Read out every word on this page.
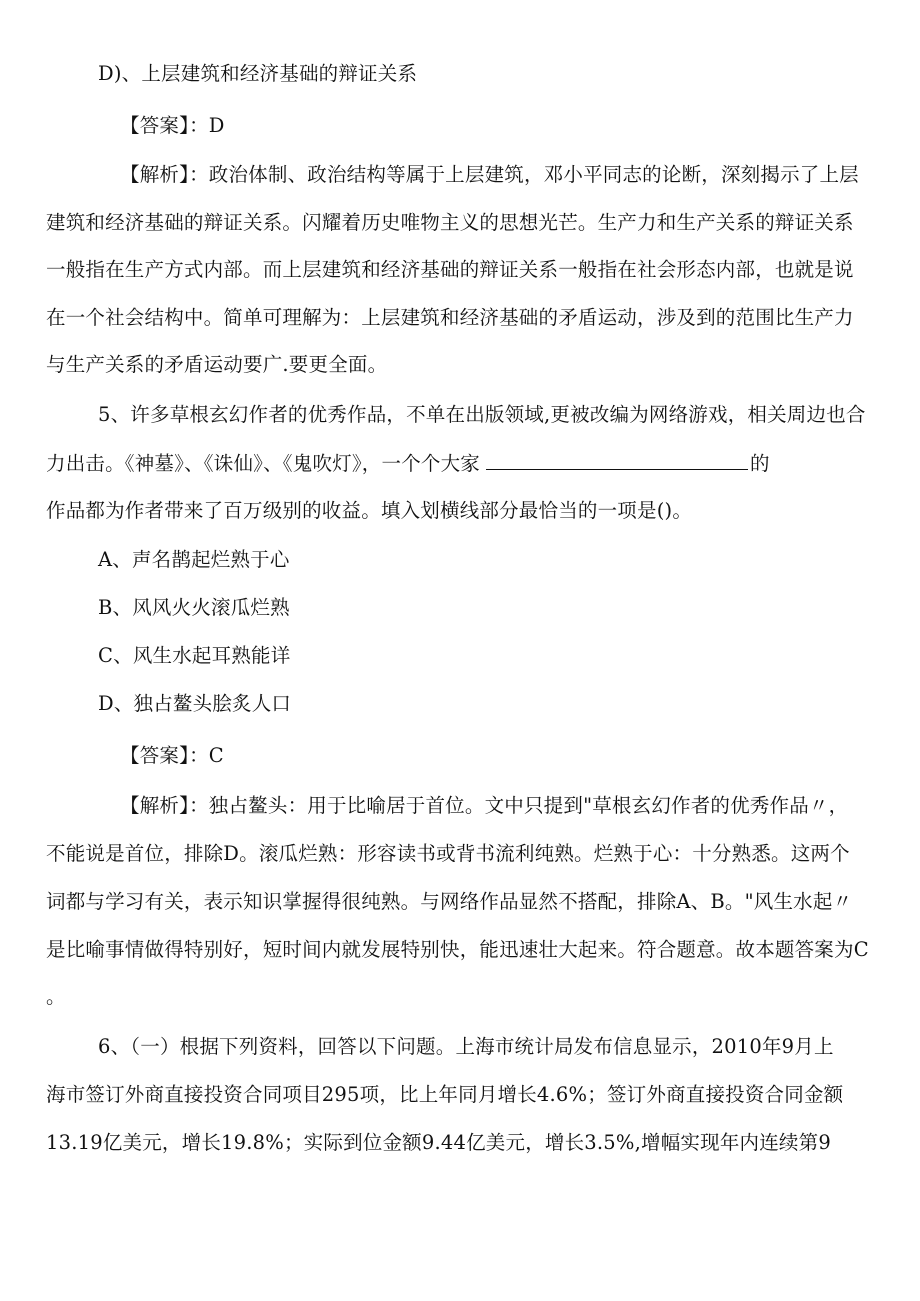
D)、上层建筑和经济基础的辩证关系
【答案】：D
【解析】：政治体制、政治结构等属于上层建筑，邓小平同志的论断，深刻揭示了上层
建筑和经济基础的辩证关系。闪耀着历史唯物主义的思想光芒。生产力和生产关系的辩证关系
一般指在生产方式内部。而上层建筑和经济基础的辩证关系一般指在社会形态内部，也就是说
在一个社会结构中。简单可理解为：上层建筑和经济基础的矛盾运动，涉及到的范围比生产力
与生产关系的矛盾运动要广.要更全面。
5、许多草根玄幻作者的优秀作品，不单在出版领域,更被改编为网络游戏，相关周边也合
力出击。《神墓》、《诛仙》、《鬼吹灯》，一个个大家	的
作品都为作者带来了百万级别的收益。填入划横线部分最恰当的一项是()。
A、声名鹊起烂熟于心
B、风风火火滚瓜烂熟
C、风生水起耳熟能详
D、独占鳌头脍炙人口
【答案】：C
【解析】：独占鳌头：用于比喻居于首位。文中只提到"草根玄幻作者的优秀作品〃，
不能说是首位，排除D。滚瓜烂熟：形容读书或背书流利纯熟。烂熟于心：十分熟悉。这两个
词都与学习有关，表示知识掌握得很纯熟。与网络作品显然不搭配，排除A、B。"风生水起〃
是比喻事情做得特别好，短时间内就发展特别快，能迅速壮大起来。符合题意。故本题答案为C
。
6、（一）根据下列资料，回答以下问题。上海市统计局发布信息显示，2010年9月上
海市签订外商直接投资合同项目295项，比上年同月增长4.6%；签订外商直接投资合同金额
13.19亿美元，增长19.8%；实际到位金额9.44亿美元，增长3.5%,增幅实现年内连续第9
